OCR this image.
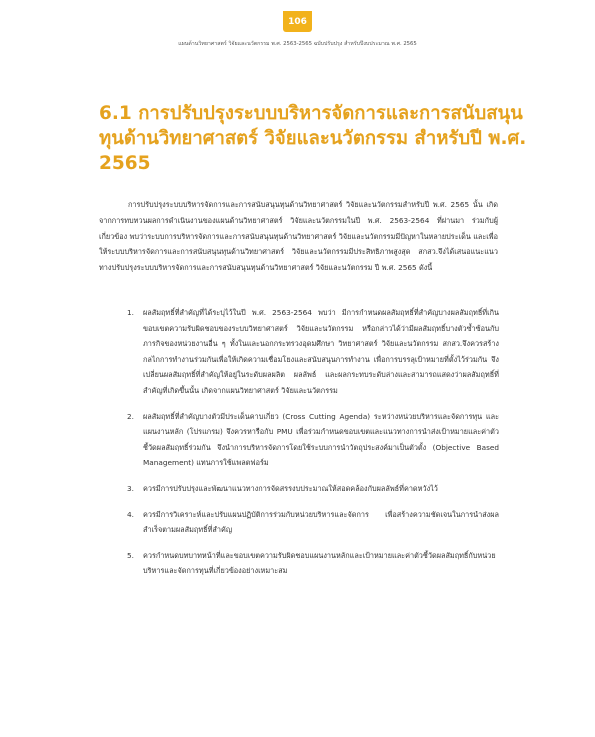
106
แผนด้านวิทยาศาสตร์ วิจัยและนวัตกรรม พ.ศ. 2563-2565 ฉบับปรับปรุง สำหรับปีงบประมาณ พ.ศ. 2565
6.1 การปรับปรุงระบบบริหารจัดการและการสนับสนุนทุนด้านวิทยาศาสตร์ วิจัยและนวัตกรรม สำหรับปี พ.ศ. 2565

การปรับปรุงระบบบริหารจัดการและการสนับสนุนทุนด้านวิทยาศาสตร์ วิจัยและนวัตกรรมสำหรับปี พ.ศ. 2565 นั้น เกิดจากการทบทวนผลการดำเนินงานของแผนด้านวิทยาศาสตร์ วิจัยและนวัตกรรมในปี พ.ศ. 2563-2564 ที่ผ่านมา ร่วมกับผู้เกี่ยวข้อง พบว่าระบบการบริหารจัดการและการสนับสนุนทุนด้านวิทยาศาสตร์ วิจัยและนวัตกรรมมีปัญหาในหลายประเด็น และเพื่อให้ระบบบริหารจัดการและการสนับสนุนทุนด้านวิทยาศาสตร์ วิจัยและนวัตกรรมมีประสิทธิภาพสูงสุด สกสว.จึงได้เสนอแนะแนวทางปรับปรุงระบบบริหารจัดการและการสนับสนุนทุนด้านวิทยาศาสตร์ วิจัยและนวัตกรรม ปี พ.ศ. 2565 ดังนี้

1.	ผลสัมฤทธิ์ที่สำคัญที่ได้ระบุไว้ในปี พ.ศ. 2563-2564 พบว่า มีการกำหนดผลสัมฤทธิ์ที่สำคัญบางผลสัมฤทธิ์ที่เกินขอบเขตความรับผิดชอบของระบบวิทยาศาสตร์ วิจัยและนวัตกรรม หรือกล่าวได้ว่ามีผลสัมฤทธิ์บางตัวซ้ำซ้อนกับภารกิจของหน่วยงานอื่น ๆ ทั้งในและนอกกระทรวงอุดมศึกษา วิทยาศาสตร์ วิจัยและนวัตกรรม สกสว.จึงควรสร้างกลไกการทำงานร่วมกันเพื่อให้เกิดความเชื่อมโยงและสนับสนุนการทำงาน เพื่อการบรรลุเป้าหมายที่ตั้งไว้ร่วมกัน จึงเปลี่ยนผลสัมฤทธิ์ที่สำคัญให้อยู่ในระดับผลผลิต ผลลัพธ์ และผลกระทบระดับล่างและสามารถแสดงว่าผลสัมฤทธิ์ที่สำคัญที่เกิดขึ้นนั้น เกิดจากแผนวิทยาศาสตร์ วิจัยและนวัตกรรม
2.	ผลสัมฤทธิ์ที่สำคัญบางตัวมีประเด็นคาบเกี่ยว (Cross Cutting Agenda) ระหว่างหน่วยบริหารและจัดการทุน และแผนงานหลัก (โปรแกรม) จึงควรหารือกับ PMU เพื่อร่วมกำหนดขอบเขตและแนวทางการนำส่งเป้าหมายและค่าตัวชี้วัดผลสัมฤทธิ์ร่วมกัน จึงนำการบริหารจัดการโดยใช้ระบบการนำวัตถุประสงค์มาเป็นตัวตั้ง (Objective Based Management) แทนการใช้แพลตฟอร์ม
3.	ควรมีการปรับปรุงและพัฒนาแนวทางการจัดสรรงบประมาณให้สอดคล้องกับผลลัพธ์ที่คาดหวังไว้
4.	ควรมีการวิเคราะห์และปรับแผนปฏิบัติการร่วมกับหน่วยบริหารและจัดการ เพื่อสร้างความชัดเจนในการนำส่งผลสำเร็จตามผลสัมฤทธิ์ที่สำคัญ
5.	ควรกำหนดบทบาทหน้าที่และขอบเขตความรับผิดชอบแผนงานหลักและเป้าหมายและค่าตัวชี้วัดผลสัมฤทธิ์กับหน่วยบริหารและจัดการทุนที่เกี่ยวข้องอย่างเหมาะสม
